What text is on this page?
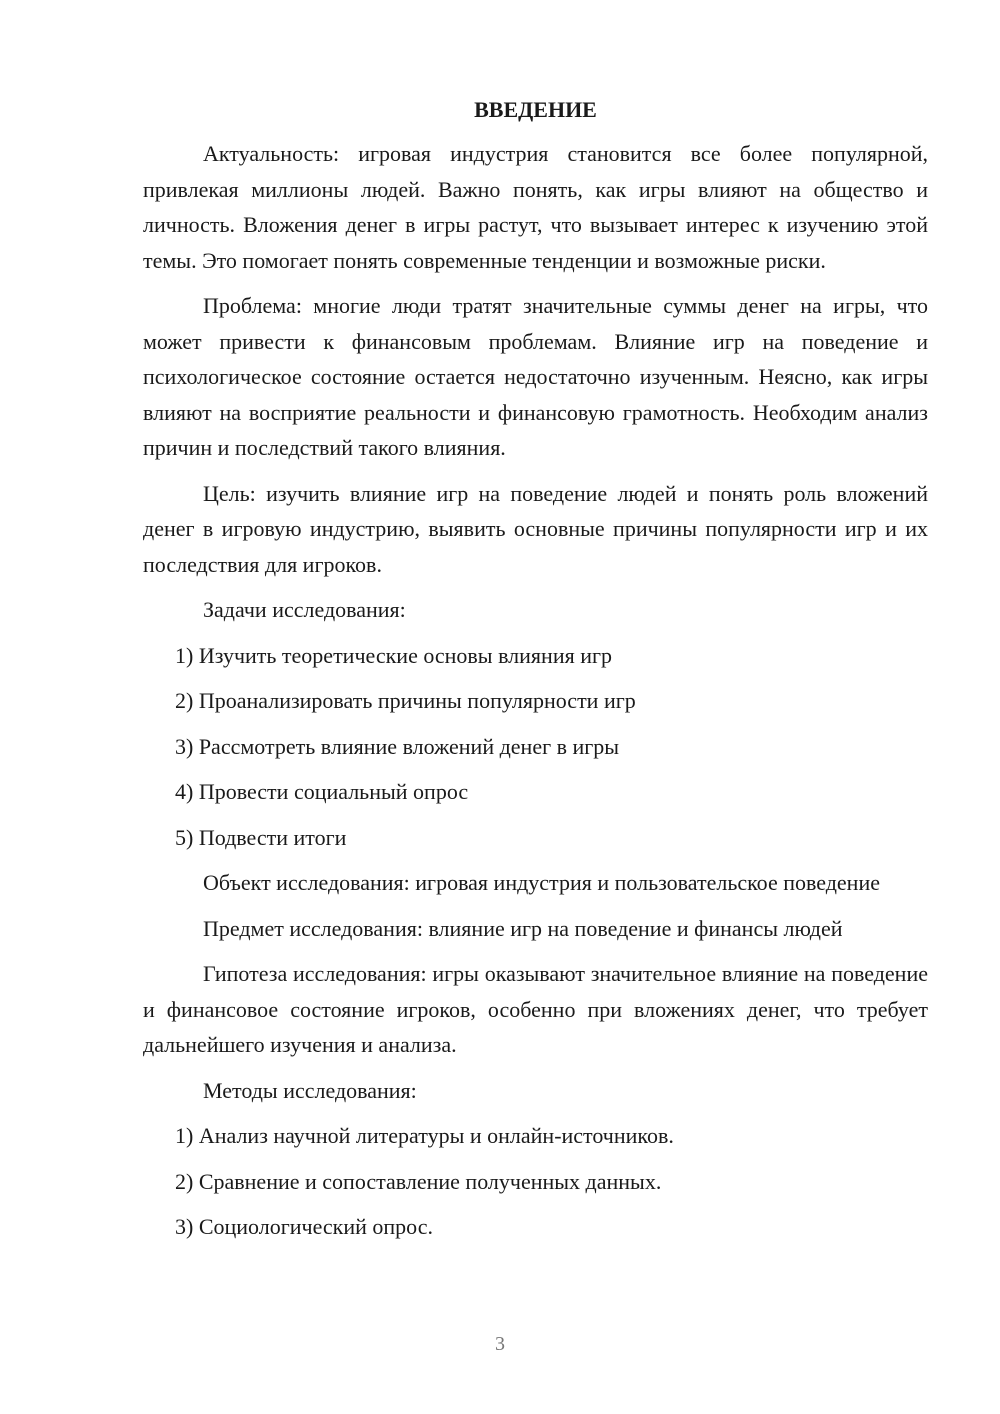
ВВЕДЕНИЕ

Актуальность: игровая индустрия становится все более популярной, привлекая миллионы людей. Важно понять, как игры влияют на общество и личность. Вложения денег в игры растут, что вызывает интерес к изучению этой темы. Это помогает понять современные тенденции и возможные риски.

Проблема: многие люди тратят значительные суммы денег на игры, что может привести к финансовым проблемам. Влияние игр на поведение и психологическое состояние остается недостаточно изученным. Неясно, как игры влияют на восприятие реальности и финансовую грамотность. Необходим анализ причин и последствий такого влияния.

Цель: изучить влияние игр на поведение людей и понять роль вложений денег в игровую индустрию, выявить основные причины популярности игр и их последствия для игроков.

Задачи исследования:

1) Изучить теоретические основы влияния игр

2) Проанализировать причины популярности игр

3) Рассмотреть влияние вложений денег в игры

4) Провести социальный опрос

5) Подвести итоги

Объект исследования: игровая индустрия и пользовательское поведение

Предмет исследования: влияние игр на поведение и финансы людей

Гипотеза исследования: игры оказывают значительное влияние на поведение и финансовое состояние игроков, особенно при вложениях денег, что требует дальнейшего изучения и анализа.

Методы исследования:

1) Анализ научной литературы и онлайн-источников.

2) Сравнение и сопоставление полученных данных.

3) Социологический опрос.

3
